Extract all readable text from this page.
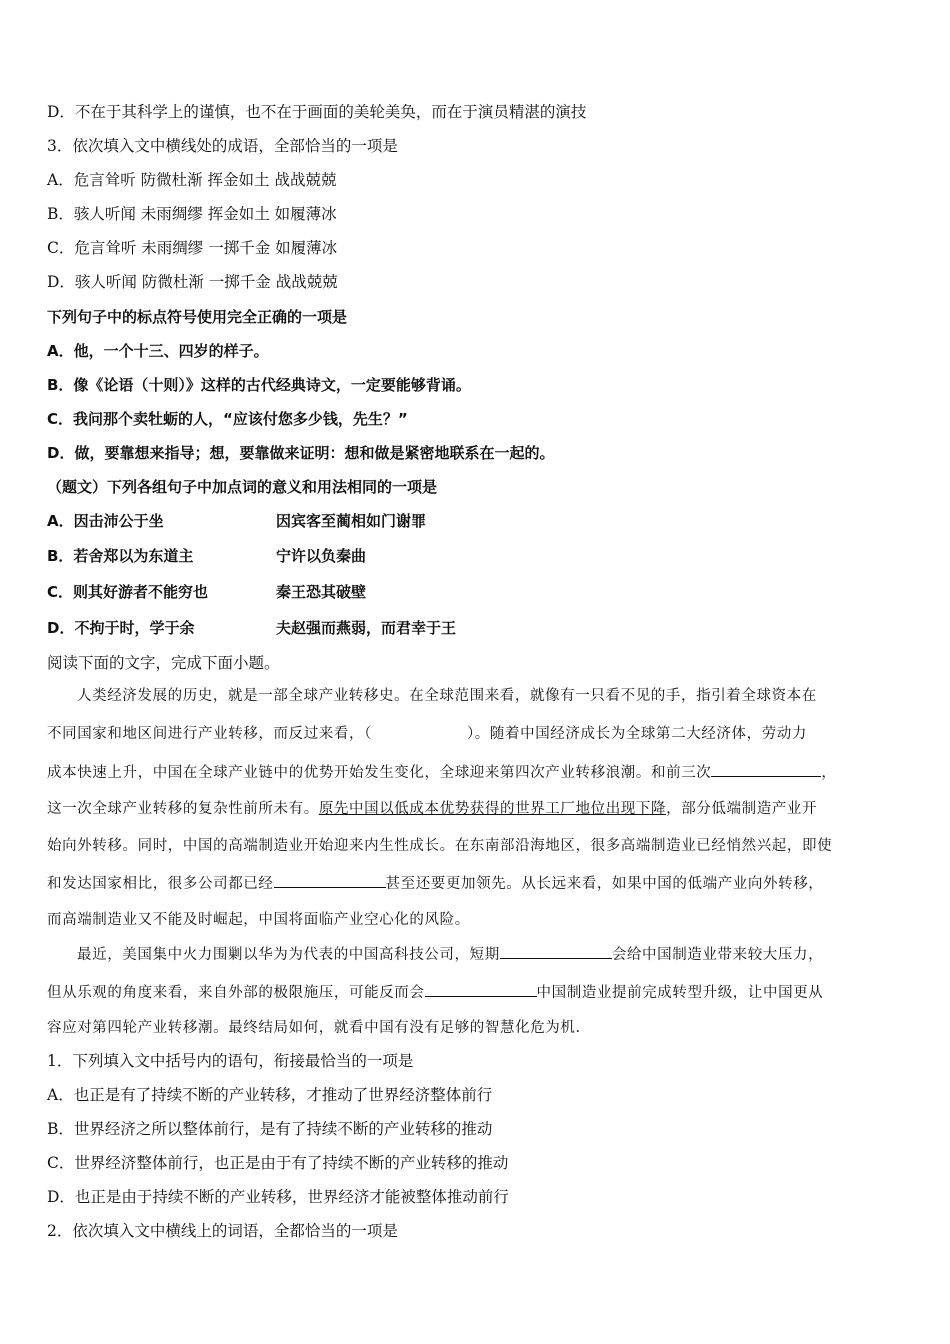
D．不在于其科学上的谨慎，也不在于画面的美轮美奂，而在于演员精湛的演技
3．依次填入文中横线处的成语，全部恰当的一项是
A．危言耸听 防微杜渐 挥金如土 战战兢兢
B．骇人听闻 未雨绸缪 挥金如土 如履薄冰
C．危言耸听 未雨绸缪 一掷千金 如履薄冰
D．骇人听闻 防微杜渐 一掷千金 战战兢兢
下列句子中的标点符号使用完全正确的一项是
A．他，一个十三、四岁的样子。
B．像《论语（十则）》这样的古代经典诗文，一定要能够背诵。
C．我问那个卖牡蛎的人，“应该付您多少钱，先生？”
D．做，要靠想来指导；想，要靠做来证明：想和做是紧密地联系在一起的。
（题文）下列各组句子中加点词的意义和用法相同的一项是
A．因击沛公于坐	因宾客至蔺相如门谢罪
B．若舍郑以为东道主	宁许以负秦曲
C．则其好游者不能穷也	秦王恐其破壁
D．不拘于时，学于余	夫赵强而燕弱，而君幸于王
阅读下面的文字，完成下面小题。
人类经济发展的历史，就是一部全球产业转移史。在全球范围来看，就像有一只看不见的手，指引着全球资本在
不同国家和地区间进行产业转移，而反过来看，（	）。随着中国经济成长为全球第二大经济体，劳动力
成本快速上升，中国在全球产业链中的优势开始发生变化，全球迎来第四次产业转移浪潮。和前三次	，
这一次全球产业转移的复杂性前所未有。原先中国以低成本优势获得的世界工厂地位出现下降，部分低端制造产业开
始向外转移。同时，中国的高端制造业开始迎来内生性成长。在东南部沿海地区，很多高端制造业已经悄然兴起，即使
和发达国家相比，很多公司都已经	甚至还要更加领先。从长远来看，如果中国的低端产业向外转移，
而高端制造业又不能及时崛起，中国将面临产业空心化的风险。
最近，美国集中火力围剿以华为为代表的中国高科技公司，短期	会给中国制造业带来较大压力，
但从乐观的角度来看，来自外部的极限施压，可能反而会	中国制造业提前完成转型升级，让中国更从
容应对第四轮产业转移潮。最终结局如何，就看中国有没有足够的智慧化危为机.
1．下列填入文中括号内的语句，衔接最恰当的一项是
A．也正是有了持续不断的产业转移，才推动了世界经济整体前行
B．世界经济之所以整体前行，是有了持续不断的产业转移的推动
C．世界经济整体前行，也正是由于有了持续不断的产业转移的推动
D．也正是由于持续不断的产业转移，世界经济才能被整体推动前行
2．依次填入文中横线上的词语，全都恰当的一项是
